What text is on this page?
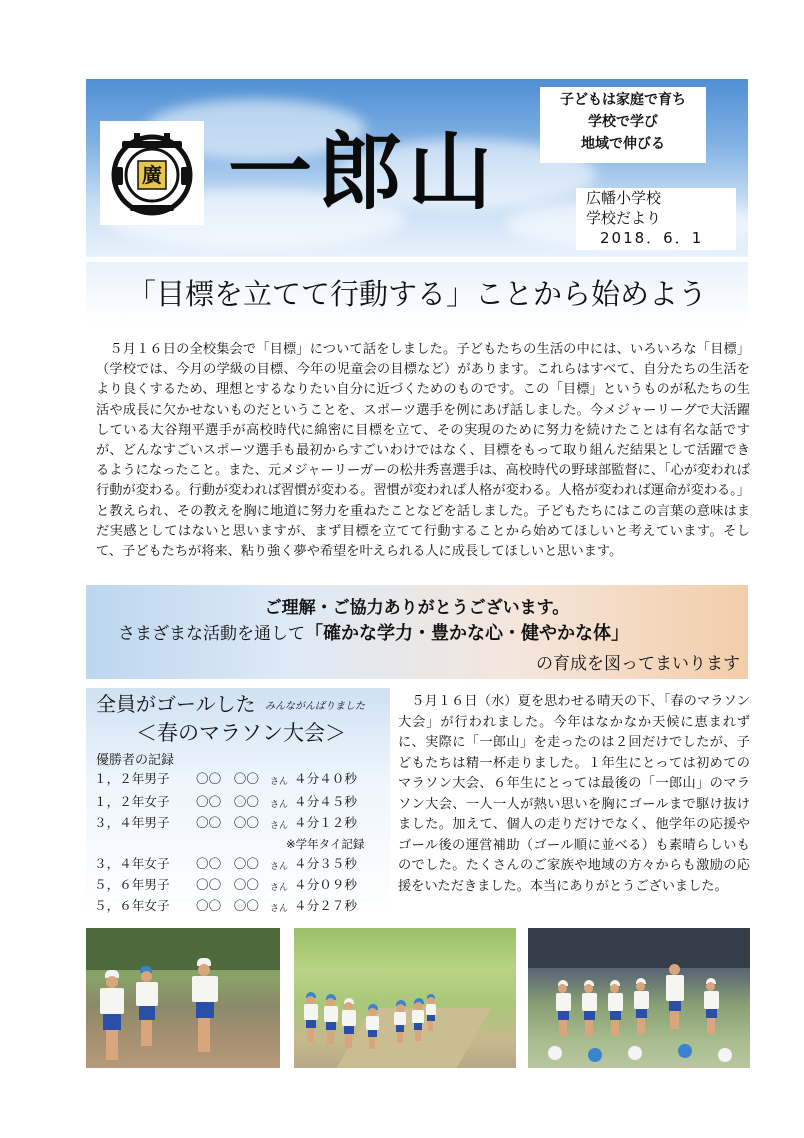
廣 一郎山
子どもは家庭で育ち
学校で学び
地域で伸びる
広幡小学校
学校だより
2018．6．1
「目標を立てて行動する」ことから始めよう
　５月１６日の全校集会で「目標」について話をしました。子どもたちの生活の中には、いろいろな「目標」（学校では、今月の学級の目標、今年の児童会の目標など）があります。これらはすべて、自分たちの生活をより良くするため、理想とするなりたい自分に近づくためのものです。この「目標」というものが私たちの生活や成長に欠かせないものだということを、スポーツ選手を例にあげ話しました。今メジャーリーグで大活躍している大谷翔平選手が高校時代に綿密に目標を立て、その実現のために努力を続けたことは有名な話ですが、どんなすごいスポーツ選手も最初からすごいわけではなく、目標をもって取り組んだ結果として活躍できるようになったこと。また、元メジャーリーガーの松井秀喜選手は、高校時代の野球部監督に、「心が変われば行動が変わる。行動が変われば習慣が変わる。習慣が変われば人格が変わる。人格が変われば運命が変わる。」と教えられ、その教えを胸に地道に努力を重ねたことなどを話しました。子どもたちにはこの言葉の意味はまだ実感としてはないと思いますが、まず目標を立てて行動することから始めてほしいと考えています。そして、子どもたちが将来、粘り強く夢や希望を叶えられる人に成長してほしいと思います。
ご理解・ご協力ありがとうございます。
さまざまな活動を通して「確かな学力・豊かな心・健やかな体」
の育成を図ってまいります
全員がゴールした みんながんばりました
＜春のマラソン大会＞
優勝者の記録
１，２年男子 〇〇　〇〇 さん ４分４０秒
１，２年女子 〇〇　〇〇 さん ４分４５秒
３，４年男子 〇〇　〇〇 さん ４分１２秒
※学年タイ記録
３，４年女子 〇〇　〇〇 さん ４分３５秒
５，６年男子 〇〇　〇〇 さん ４分０９秒
５，６年女子 〇〇　〇〇 さん ４分２７秒
　５月１６日（水）夏を思わせる晴天の下、「春のマラソン大会」が行われました。今年はなかなか天候に恵まれずに、実際に「一郎山」を走ったのは２回だけでしたが、子どもたちは精一杯走りました。１年生にとっては初めてのマラソン大会、６年生にとっては最後の「一郎山」のマラソン大会、一人一人が熱い思いを胸にゴールまで駆け抜けました。加えて、個人の走りだけでなく、他学年の応援やゴール後の運営補助（ゴール順に並べる）も素晴らしいものでした。たくさんのご家族や地域の方々からも激励の応援をいただきました。本当にありがとうございました。
